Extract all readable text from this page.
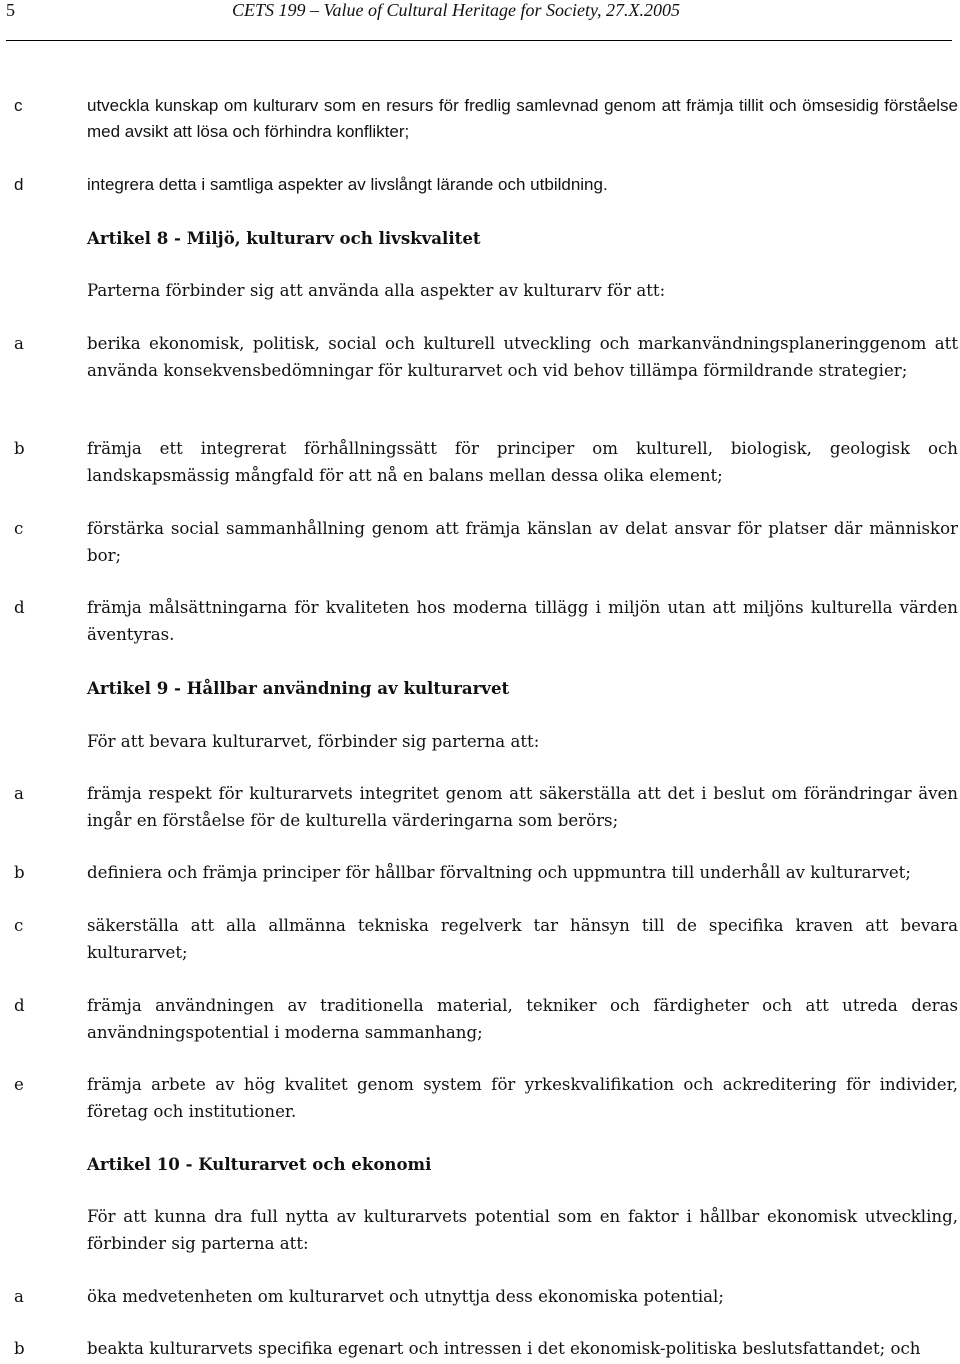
5	CETS 199 – Value of Cultural Heritage for Society, 27.X.2005
c	utveckla kunskap om kulturarv som en resurs för fredlig samlevnad genom att främja tillit och ömsesidig förståelse med avsikt att lösa och förhindra konflikter;
d	integrera detta i samtliga aspekter av livslångt lärande och utbildning.
Artikel 8 - Miljö, kulturarv och livskvalitet
Parterna förbinder sig att använda alla aspekter av kulturarv för att:
a	berika ekonomisk, politisk, social och kulturell utveckling och markanvändningsplaneringgenom att använda konsekvensbedömningar för kulturarvet och vid behov tillämpa förmildrande strategier;
b	främja ett integrerat förhållningssätt för principer om kulturell, biologisk, geologisk och landskapsmässig mångfald för att nå en balans mellan dessa olika element;
c	förstärka social sammanhållning genom att främja känslan av delat ansvar för platser där människor bor;
d	främja målsättningarna för kvaliteten hos moderna tillägg i miljön utan att miljöns kulturella värden äventyras.
Artikel 9 - Hållbar användning av kulturarvet
För att bevara kulturarvet, förbinder sig parterna att:
a	främja respekt för kulturarvets integritet genom att säkerställa att det i beslut om förändringar även ingår en förståelse för de kulturella värderingarna som berörs;
b	definiera och främja principer för hållbar förvaltning och uppmuntra till underhåll av kulturarvet;
c	säkerställa att alla allmänna tekniska regelverk tar hänsyn till de specifika kraven att bevara kulturarvet;
d	främja användningen av traditionella material, tekniker och färdigheter och att utreda deras användningspotential i moderna sammanhang;
e	främja arbete av hög kvalitet genom system för yrkeskvalifikation och ackreditering för individer, företag och institutioner.
Artikel 10 - Kulturarvet och ekonomi
För att kunna dra full nytta av kulturarvets potential som en faktor i hållbar ekonomisk utveckling, förbinder sig parterna att:
a	öka medvetenheten om kulturarvet och utnyttja dess ekonomiska potential;
b	beakta kulturarvets specifika egenart och intressen i det ekonomisk-politiska beslutsfattandet; och
